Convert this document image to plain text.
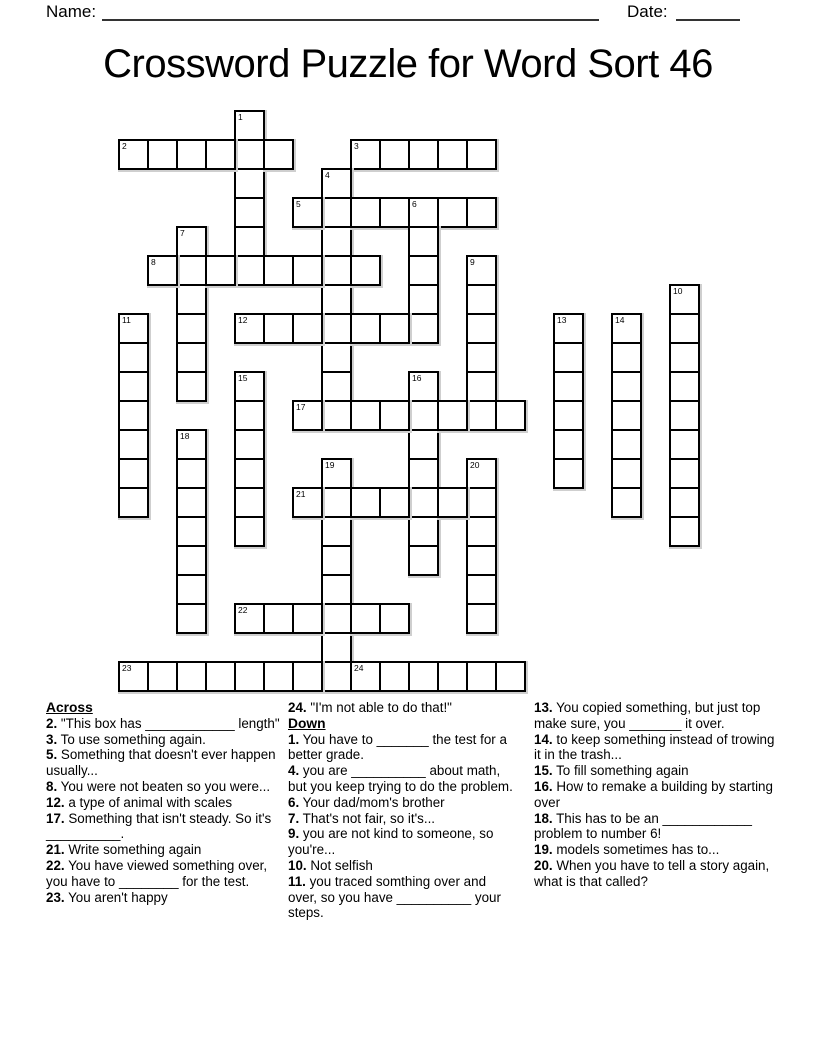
Name:	Date:
Crossword Puzzle for Word Sort 46
1
2	3
4
5	6
7
8	9
10
11	12	13	14
15	16
17
18
19	20
21
22
23	24
Across
2. "This box has ____________ length"
3. To use something again.
5. Something that doesn't ever happen usually...
8. You were not beaten so you were...
12. a type of animal with scales
17. Something that isn't steady. So it's __________.
21. Write something again
22. You have viewed something over, you have to ________ for the test.
23. You aren't happy
24. "I'm not able to do that!"
Down
1. You have to _______ the test for a better grade.
4. you are __________ about math, but you keep trying to do the problem.
6. Your dad/mom's brother
7. That's not fair, so it's...
9. you are not kind to someone, so you're...
10. Not selfish
11. you traced somthing over and over, so you have __________ your steps.
13. You copied something, but just top make sure, you _______ it over.
14. to keep something instead of trowing it in the trash...
15. To fill something again
16. How to remake a building by starting over
18. This has to be an ____________ problem to number 6!
19. models sometimes has to...
20. When you have to tell a story again, what is that called?
